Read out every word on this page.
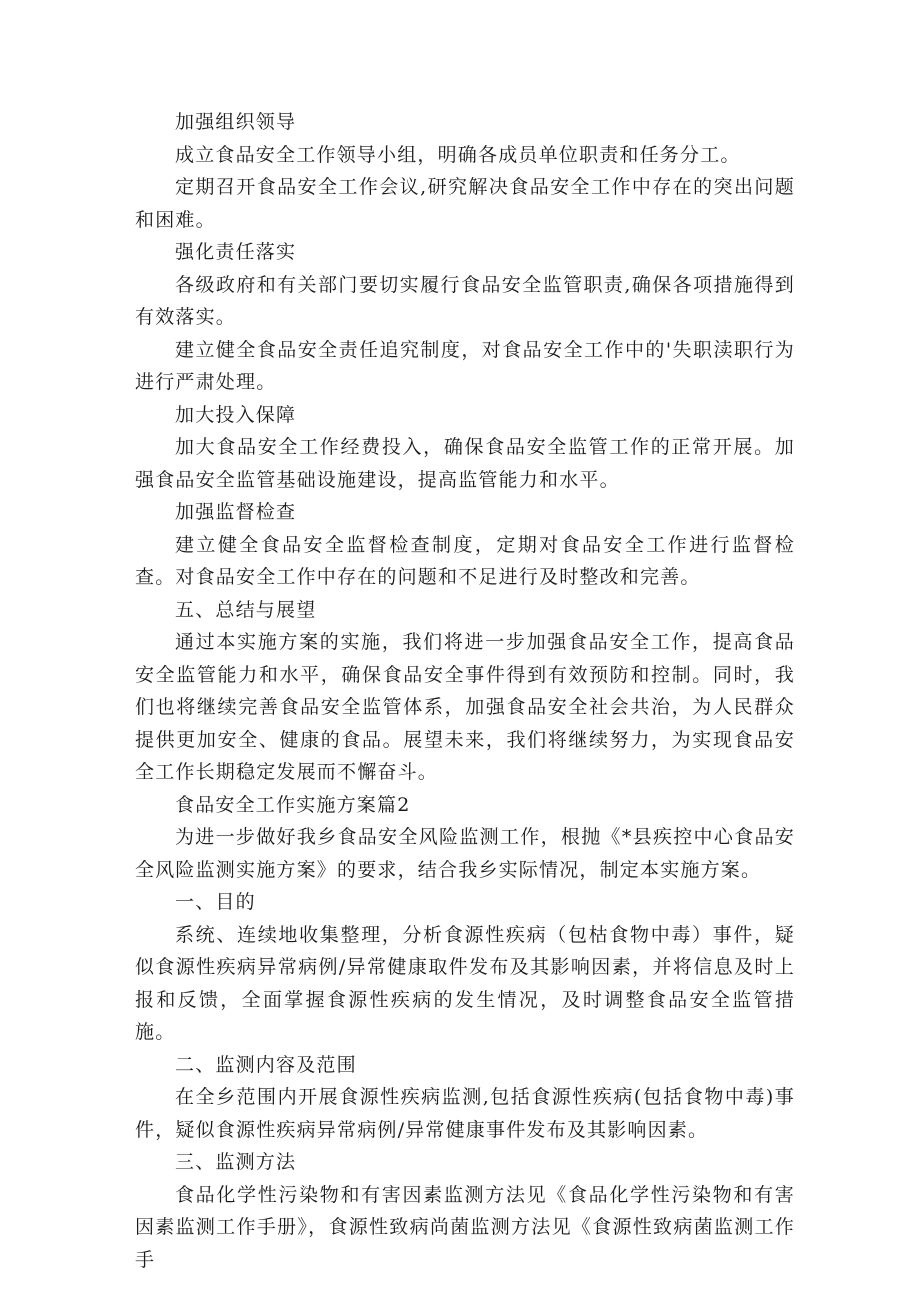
加强组织领导

成立食品安全工作领导小组，明确各成员单位职责和任务分工。

定期召开食品安全工作会议,研究解决食品安全工作中存在的突出问题和困难。

强化责任落实

各级政府和有关部门要切实履行食品安全监管职责,确保各项措施得到有效落实。

建立健全食品安全责任追究制度，对食品安全工作中的'失职渎职行为进行严肃处理。

加大投入保障

加大食品安全工作经费投入，确保食品安全监管工作的正常开展。加强食品安全监管基础设施建设，提高监管能力和水平。

加强监督检查

建立健全食品安全监督检查制度，定期对食品安全工作进行监督检查。对食品安全工作中存在的问题和不足进行及时整改和完善。

五、总结与展望

通过本实施方案的实施，我们将进一步加强食品安全工作，提高食品安全监管能力和水平，确保食品安全事件得到有效预防和控制。同时，我们也将继续完善食品安全监管体系，加强食品安全社会共治，为人民群众提供更加安全、健康的食品。展望未来，我们将继续努力，为实现食品安全工作长期稳定发展而不懈奋斗。

食品安全工作实施方案篇2

为进一步做好我乡食品安全风险监测工作，根抛《*县疾控中心食品安全风险监测实施方案》的要求，结合我乡实际情况，制定本实施方案。

一、目的

系统、连续地收集整理，分析食源性疾病（包枯食物中毒）事件，疑似食源性疾病异常病例/异常健康取件发布及其影响因素，并将信息及时上报和反馈，全面掌握食源性疾病的发生情况，及时调整食品安全监管措施。

二、监测内容及范围

在全乡范围内开展食源性疾病监测,包括食源性疾病(包括食物中毒)事件，疑似食源性疾病异常病例/异常健康事件发布及其影响因素。

三、监测方法

食品化学性污染物和有害因素监测方法见《食品化学性污染物和有害因素监测工作手册》，食源性致病尚菌监测方法见《食源性致病菌监测工作手
